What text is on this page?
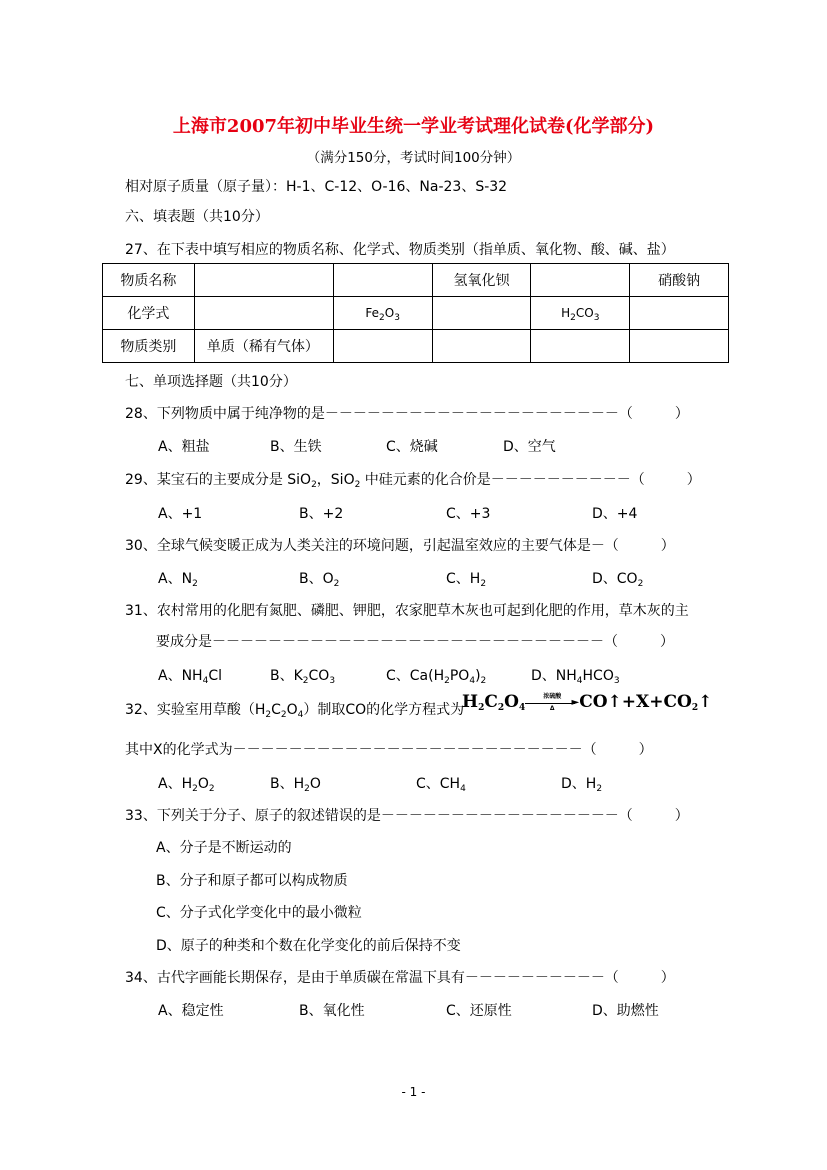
上海市2007年初中毕业生统一学业考试理化试卷(化学部分)
（满分150分，考试时间100分钟）
相对原子质量（原子量）：H-1、C-12、O-16、Na-23、S-32
六、填表题（共10分）
27、在下表中填写相应的物质名称、化学式、物质类别（指单质、氧化物、酸、碱、盐）
物质名称			氢氧化钡		硝酸钠
化学式		$Fe_2O_3$		$H_2CO_3$	
物质类别	单质（稀有气体）				
七、单项选择题（共10分）
28、下列物质中属于纯净物的是－－－－－－－－－－－－－－－－－－－－－（　　　）
A、粗盐	B、生铁	C、烧碱	D、空气
29、某宝石的主要成分是 SiO$_2$，SiO$_2$ 中硅元素的化合价是－－－－－－－－－－（　　　）
A、+1	B、+2	C、+3	D、+4
30、全球气候变暖正成为人类关注的环境问题，引起温室效应的主要气体是－（　　　）
A、$N_2$	B、$O_2$	C、$H_2$	D、$CO_2$
31、农村常用的化肥有氮肥、磷肥、钾肥，农家肥草木灰也可起到化肥的作用，草木灰的主
要成分是－－－－－－－－－－－－－－－－－－－－－－－－－－－－（　　　）
A、$NH_4Cl$	B、$K_2CO_3$	C、$Ca(H_2PO_4)_2$	D、$NH_4HCO_3$
32、实验室用草酸$(H_2C_2O_4)$制取CO的化学方程式为
$H_2C_2O_4$
浓硫酸
►
Δ	$CO↑+X+CO_2↑$
其中X的化学式为－－－－－－－－－－－－－－－－－－－－－－－－－（　　　）
A、$H_2O_2$	B、$H_2O$	C、$CH_4$	D、$H_2$
33、下列关于分子、原子的叙述错误的是－－－－－－－－－－－－－－－－－（　　　）
A、分子是不断运动的
B、分子和原子都可以构成物质
C、分子式化学变化中的最小微粒
D、原子的种类和个数在化学变化的前后保持不变
34、古代字画能长期保存，是由于单质碳在常温下具有－－－－－－－－－－（　　　）
A、稳定性	B、氧化性	C、还原性	D、助燃性
- 1 -
